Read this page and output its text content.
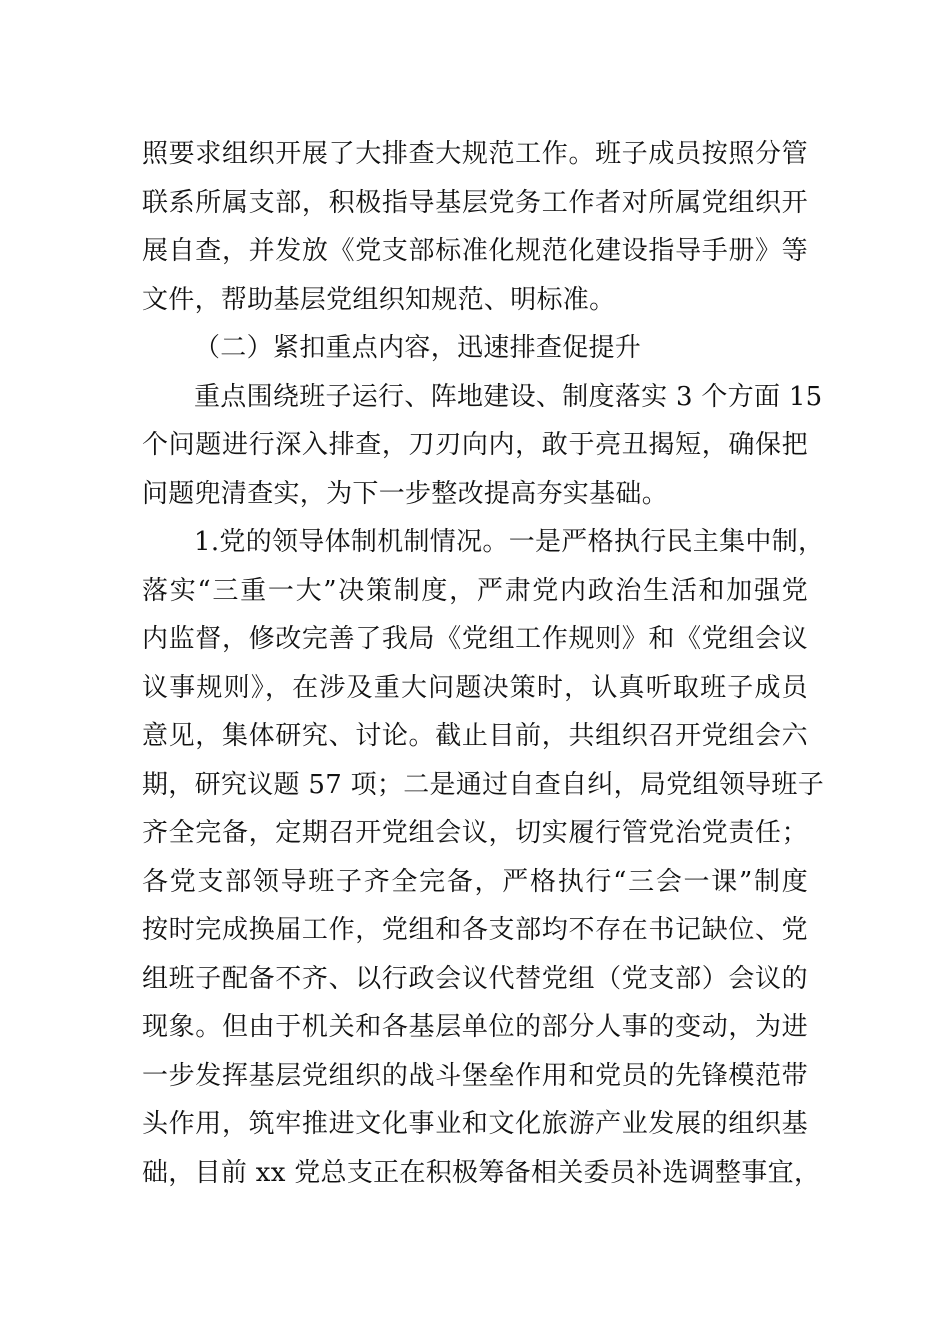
照要求组织开展了大排查大规范工作。班子成员按照分管
联系所属支部，积极指导基层党务工作者对所属党组织开
展自查，并发放《党支部标准化规范化建设指导手册》等
文件，帮助基层党组织知规范、明标准。
（二）紧扣重点内容，迅速排查促提升
重点围绕班子运行、阵地建设、制度落实 3 个方面 15
个问题进行深入排查，刀刃向内，敢于亮丑揭短，确保把
问题兜清查实，为下一步整改提高夯实基础。
1.党的领导体制机制情况。一是严格执行民主集中制，
落实“三重一大”决策制度，严肃党内政治生活和加强党
内监督，修改完善了我局《党组工作规则》和《党组会议
议事规则》，在涉及重大问题决策时，认真听取班子成员
意见，集体研究、讨论。截止目前，共组织召开党组会六
期，研究议题 57 项；二是通过自查自纠，局党组领导班子
齐全完备，定期召开党组会议，切实履行管党治党责任；
各党支部领导班子齐全完备，严格执行“三会一课”制度
按时完成换届工作，党组和各支部均不存在书记缺位、党
组班子配备不齐、以行政会议代替党组（党支部）会议的
现象。但由于机关和各基层单位的部分人事的变动，为进
一步发挥基层党组织的战斗堡垒作用和党员的先锋模范带
头作用，筑牢推进文化事业和文化旅游产业发展的组织基
础，目前 xx 党总支正在积极筹备相关委员补选调整事宜，
